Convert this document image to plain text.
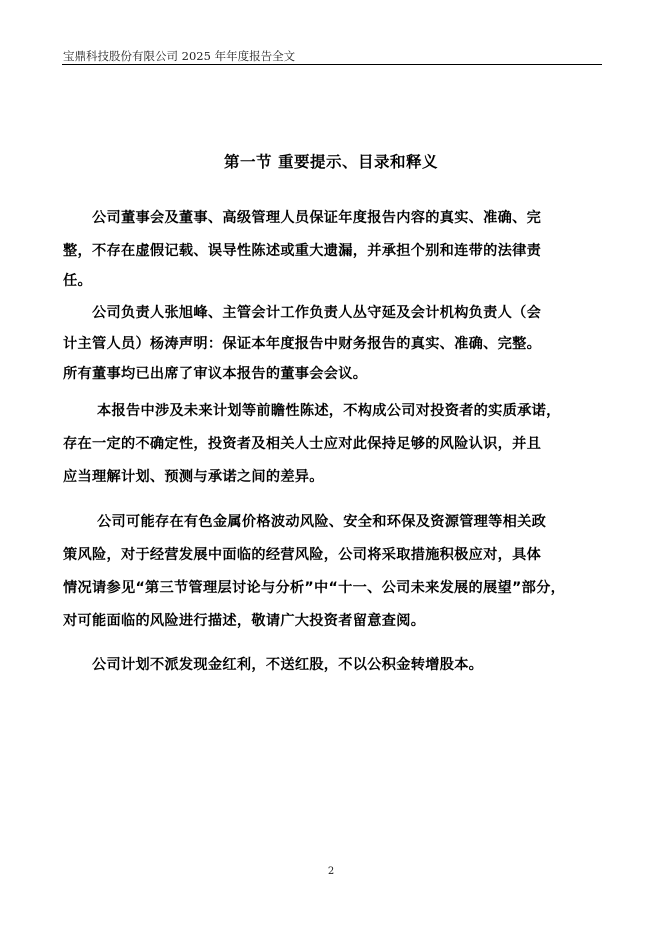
宝鼎科技股份有限公司 2025 年年度报告全文
第一节 重要提示、目录和释义
公司董事会及董事、高级管理人员保证年度报告内容的真实、准确、完
整，不存在虚假记载、误导性陈述或重大遗漏，并承担个别和连带的法律责
任。
公司负责人张旭峰、主管会计工作负责人丛守延及会计机构负责人（会
计主管人员）杨涛声明：保证本年度报告中财务报告的真实、准确、完整。
所有董事均已出席了审议本报告的董事会会议。
本报告中涉及未来计划等前瞻性陈述，不构成公司对投资者的实质承诺，
存在一定的不确定性，投资者及相关人士应对此保持足够的风险认识，并且
应当理解计划、预测与承诺之间的差异。
公司可能存在有色金属价格波动风险、安全和环保及资源管理等相关政
策风险，对于经营发展中面临的经营风险，公司将采取措施积极应对，具体
情况请参见“第三节管理层讨论与分析”中“十一、公司未来发展的展望”部分，
对可能面临的风险进行描述，敬请广大投资者留意查阅。
公司计划不派发现金红利，不送红股，不以公积金转增股本。
2
